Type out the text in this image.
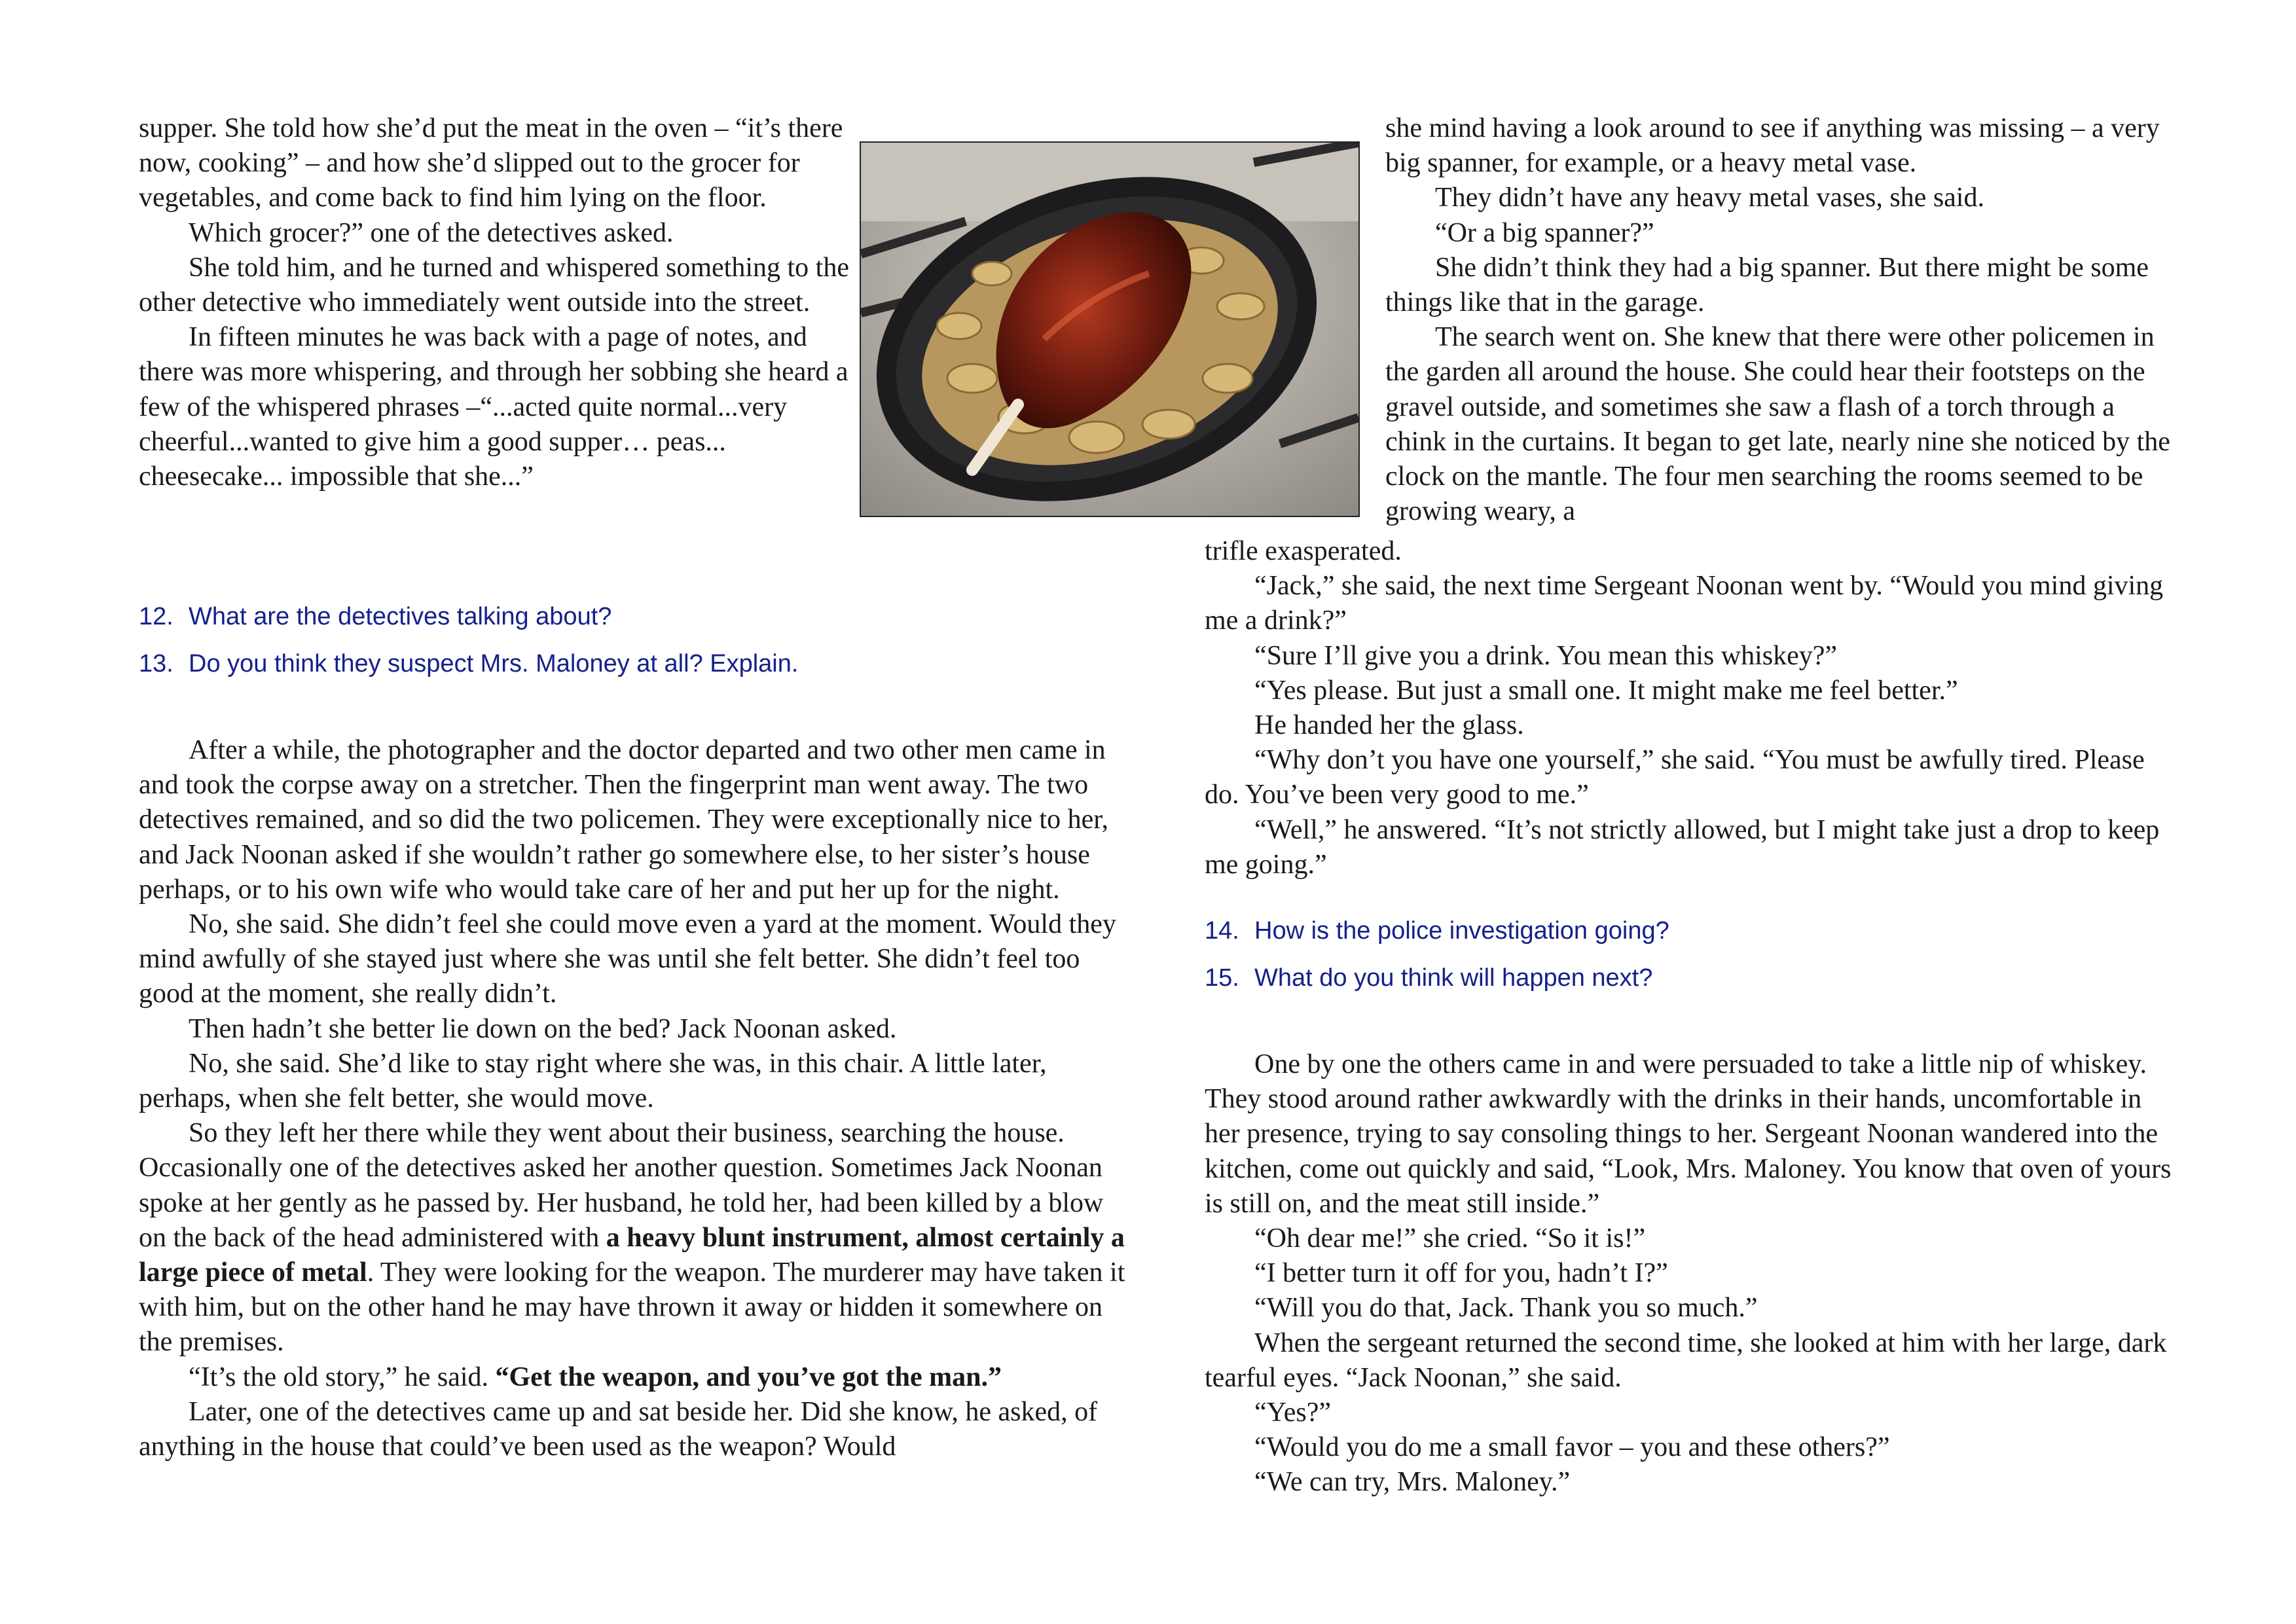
supper. She told how she’d put the meat in the oven – “it’s there now, cooking” – and how she’d slipped out to the grocer for vegetables, and come back to find him lying on the floor.

Which grocer?” one of the detectives asked.

She told him, and he turned and whispered something to the other detective who immediately went outside into the street.

In fifteen minutes he was back with a page of notes, and there was more whispering, and through her sobbing she heard a few of the whispered phrases –“...acted quite normal...very cheerful...wanted to give him a good supper… peas... cheesecake... impossible that she...”

12. What are the detectives talking about?

13. Do you think they suspect Mrs. Maloney at all? Explain.

After a while, the photographer and the doctor departed and two other men came in and took the corpse away on a stretcher. Then the fingerprint man went away. The two detectives remained, and so did the two policemen. They were exceptionally nice to her, and Jack Noonan asked if she wouldn’t rather go somewhere else, to her sister’s house perhaps, or to his own wife who would take care of her and put her up for the night.

No, she said. She didn’t feel she could move even a yard at the moment. Would they mind awfully of she stayed just where she was until she felt better. She didn’t feel too good at the moment, she really didn’t.

Then hadn’t she better lie down on the bed? Jack Noonan asked.

No, she said. She’d like to stay right where she was, in this chair. A little later, perhaps, when she felt better, she would move.

So they left her there while they went about their business, searching the house. Occasionally one of the detectives asked her another question. Sometimes Jack Noonan spoke at her gently as he passed by. Her husband, he told her, had been killed by a blow on the back of the head administered with a heavy blunt instrument, almost certainly a large piece of metal. They were looking for the weapon. The murderer may have taken it with him, but on the other hand he may have thrown it away or hidden it somewhere on the premises.

“It’s the old story,” he said. “Get the weapon, and you’ve got the man.”

Later, one of the detectives came up and sat beside her. Did she know, he asked, of anything in the house that could’ve been used as the weapon? Would

she mind having a look around to see if anything was missing – a very big spanner, for example, or a heavy metal vase.

They didn’t have any heavy metal vases, she said.

“Or a big spanner?”

She didn’t think they had a big spanner. But there might be some things like that in the garage.

The search went on. She knew that there were other policemen in the garden all around the house. She could hear their footsteps on the gravel outside, and sometimes she saw a flash of a torch through a chink in the curtains. It began to get late, nearly nine she noticed by the clock on the mantle. The four men searching the rooms seemed to be growing weary, a

trifle exasperated.

“Jack,” she said, the next time Sergeant Noonan went by. “Would you mind giving me a drink?”

“Sure I’ll give you a drink. You mean this whiskey?”

“Yes please. But just a small one. It might make me feel better.”

He handed her the glass.

“Why don’t you have one yourself,” she said. “You must be awfully tired. Please do. You’ve been very good to me.”

“Well,” he answered. “It’s not strictly allowed, but I might take just a drop to keep me going.”

14. How is the police investigation going?

15. What do you think will happen next?

One by one the others came in and were persuaded to take a little nip of whiskey. They stood around rather awkwardly with the drinks in their hands, uncomfortable in her presence, trying to say consoling things to her. Sergeant Noonan wandered into the kitchen, come out quickly and said, “Look, Mrs. Maloney. You know that oven of yours is still on, and the meat still inside.”

“Oh dear me!” she cried. “So it is!”

“I better turn it off for you, hadn’t I?”

“Will you do that, Jack. Thank you so much.”

When the sergeant returned the second time, she looked at him with her large, dark tearful eyes. “Jack Noonan,” she said.

“Yes?”

“Would you do me a small favor – you and these others?”

“We can try, Mrs. Maloney.”
